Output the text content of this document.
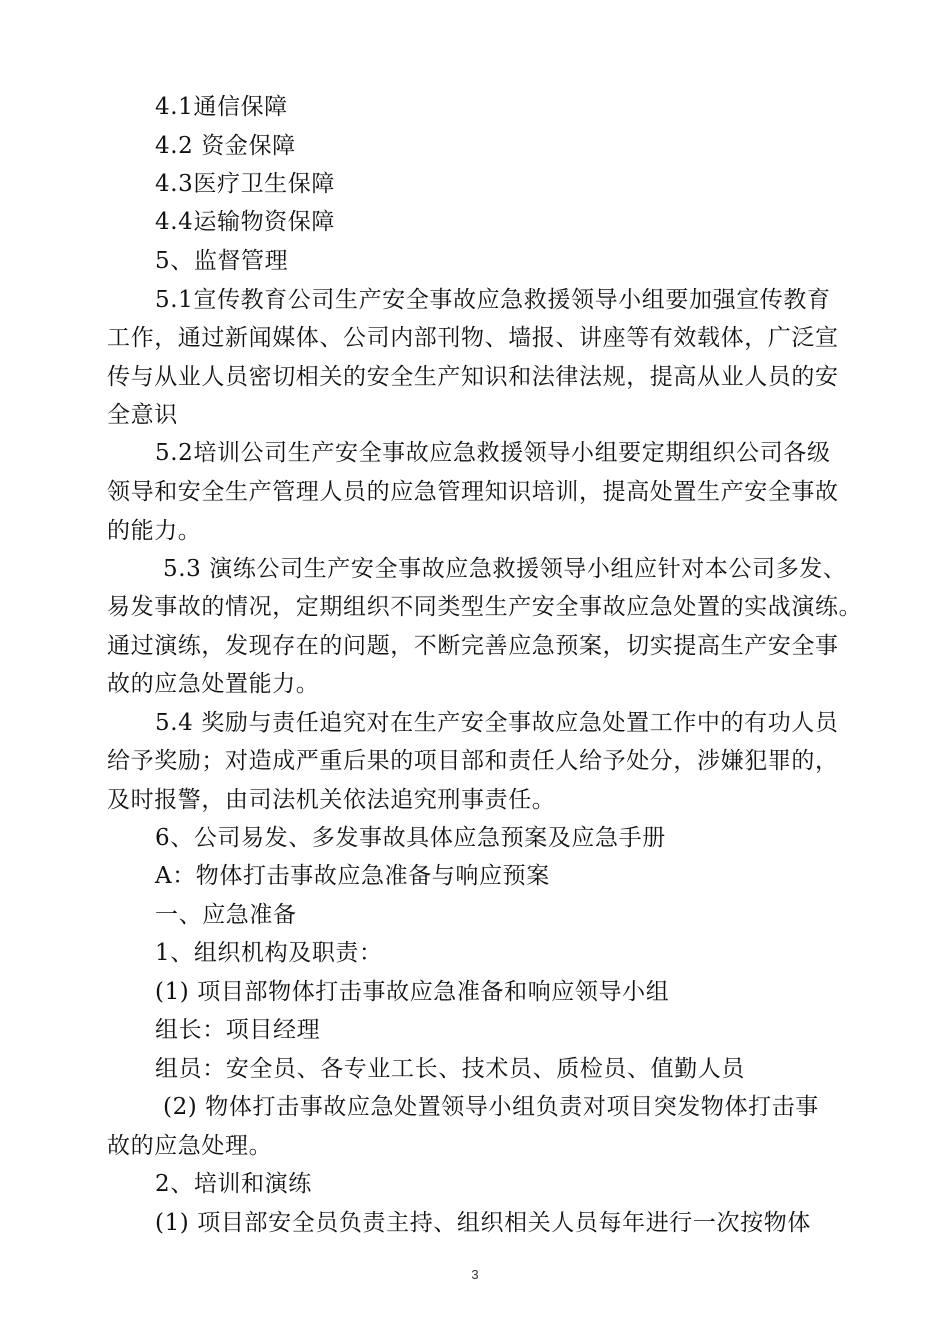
4.1通信保障
4.2 资金保障
4.3医疗卫生保障
4.4运输物资保障
5、监督管理
5.1宣传教育公司生产安全事故应急救援领导小组要加强宣传教育
工作，通过新闻媒体、公司内部刊物、墙报、讲座等有效载体，广泛宣
传与从业人员密切相关的安全生产知识和法律法规，提高从业人员的安
全意识
5.2培训公司生产安全事故应急救援领导小组要定期组织公司各级
领导和安全生产管理人员的应急管理知识培训，提高处置生产安全事故
的能力。
5.3 演练公司生产安全事故应急救援领导小组应针对本公司多发、
易发事故的情况，定期组织不同类型生产安全事故应急处置的实战演练。
通过演练，发现存在的问题，不断完善应急预案，切实提高生产安全事
故的应急处置能力。
5.4 奖励与责任追究对在生产安全事故应急处置工作中的有功人员
给予奖励；对造成严重后果的项目部和责任人给予处分，涉嫌犯罪的，
及时报警，由司法机关依法追究刑事责任。
6、公司易发、多发事故具体应急预案及应急手册
A：物体打击事故应急准备与响应预案
一、应急准备
1、组织机构及职责：
(1) 项目部物体打击事故应急准备和响应领导小组
组长：项目经理
组员：安全员、各专业工长、技术员、质检员、值勤人员
(2) 物体打击事故应急处置领导小组负责对项目突发物体打击事
故的应急处理。
2、培训和演练
(1) 项目部安全员负责主持、组织相关人员每年进行一次按物体
3
